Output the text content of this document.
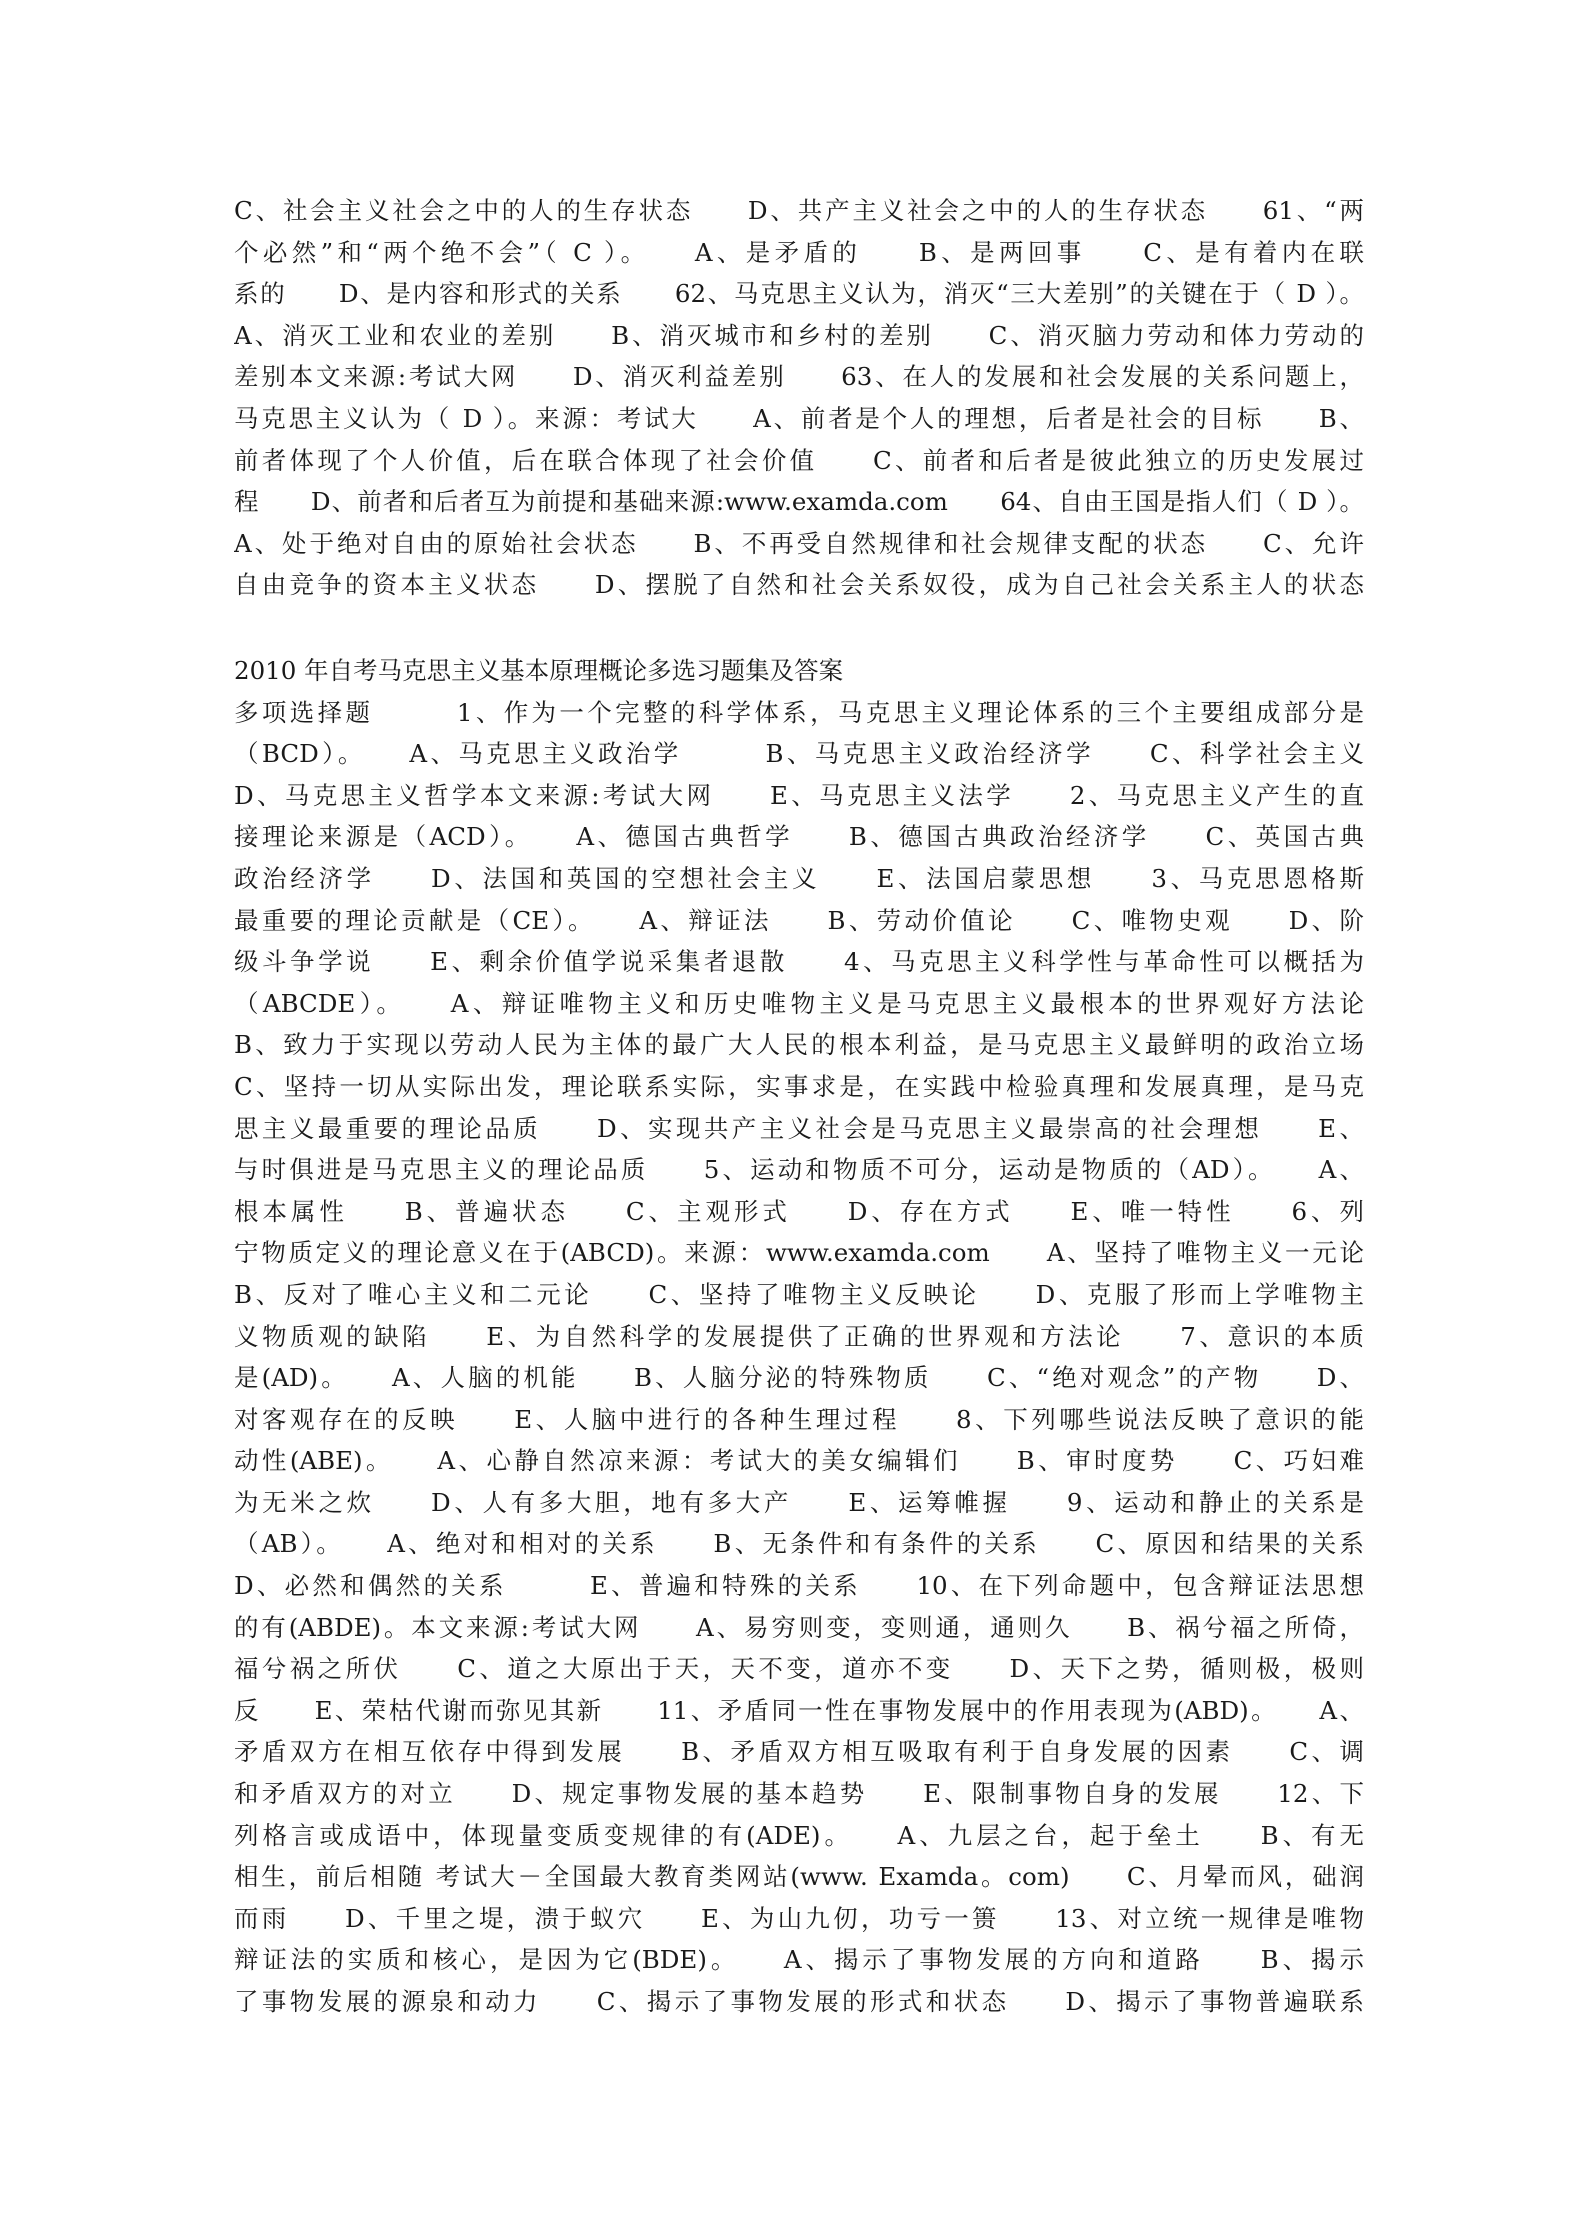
C、社会主义社会之中的人的生存状态　　D、共产主义社会之中的人的生存状态　　61、“两
个必然”和“两个绝不会”（ C ）。　　A、是矛盾的　　B、是两回事　　C、是有着内在联
系的　　D、是内容和形式的关系　　62、马克思主义认为，消灭“三大差别”的关键在于（ D ）。
A、消灭工业和农业的差别　　B、消灭城市和乡村的差别　　C、消灭脑力劳动和体力劳动的
差别本文来源:考试大网　　D、消灭利益差别　　63、在人的发展和社会发展的关系问题上，
马克思主义认为（ D ）。来源：考试大　　A、前者是个人的理想，后者是社会的目标　　B、
前者体现了个人价值，后在联合体现了社会价值　　C、前者和后者是彼此独立的历史发展过
程　　D、前者和后者互为前提和基础来源:www.examda.com　　64、自由王国是指人们（ D ）。
A、处于绝对自由的原始社会状态　　B、不再受自然规律和社会规律支配的状态　　C、允许
自由竞争的资本主义状态　　D、摆脱了自然和社会关系奴役，成为自己社会关系主人的状态
2010 年自考马克思主义基本原理概论多选习题集及答案
多项选择题　　　1、作为一个完整的科学体系，马克思主义理论体系的三个主要组成部分是
（BCD）。　　A、马克思主义政治学　　　B、马克思主义政治经济学　　C、科学社会主义
D、马克思主义哲学本文来源:考试大网　　E、马克思主义法学　　2、马克思主义产生的直
接理论来源是（ACD）。　　A、德国古典哲学　　B、德国古典政治经济学　　C、英国古典
政治经济学　　D、法国和英国的空想社会主义　　E、法国启蒙思想　　3、马克思恩格斯
最重要的理论贡献是（CE）。　　A、辩证法　　B、劳动价值论　　C、唯物史观　　D、阶
级斗争学说　　E、剩余价值学说采集者退散　　4、马克思主义科学性与革命性可以概括为
（ABCDE）。　　A、辩证唯物主义和历史唯物主义是马克思主义最根本的世界观好方法论
B、致力于实现以劳动人民为主体的最广大人民的根本利益，是马克思主义最鲜明的政治立场
C、坚持一切从实际出发，理论联系实际，实事求是，在实践中检验真理和发展真理，是马克
思主义最重要的理论品质　　D、实现共产主义社会是马克思主义最崇高的社会理想　　E、
与时俱进是马克思主义的理论品质　　5、运动和物质不可分，运动是物质的（AD）。　　A、
根本属性　　B、普遍状态　　C、主观形式　　D、存在方式　　E、唯一特性　　6、列
宁物质定义的理论意义在于(ABCD)。来源：www.examda.com　　A、坚持了唯物主义一元论
B、反对了唯心主义和二元论　　C、坚持了唯物主义反映论　　D、克服了形而上学唯物主
义物质观的缺陷　　E、为自然科学的发展提供了正确的世界观和方法论　　7、意识的本质
是(AD)。　　A、人脑的机能　　B、人脑分泌的特殊物质　　C、“绝对观念”的产物　　D、
对客观存在的反映　　E、人脑中进行的各种生理过程　　8、下列哪些说法反映了意识的能
动性(ABE)。　　A、心静自然凉来源：考试大的美女编辑们　　B、审时度势　　C、巧妇难
为无米之炊　　D、人有多大胆，地有多大产　　E、运筹帷握　　9、运动和静止的关系是
（AB）。　　A、绝对和相对的关系　　B、无条件和有条件的关系　　C、原因和结果的关系
D、必然和偶然的关系　　　E、普遍和特殊的关系　　10、在下列命题中，包含辩证法思想
的有(ABDE)。本文来源:考试大网　　A、易穷则变，变则通，通则久　　B、祸兮福之所倚，
福兮祸之所伏　　C、道之大原出于天，天不变，道亦不变　　D、天下之势，循则极，极则
反　　E、荣枯代谢而弥见其新　　11、矛盾同一性在事物发展中的作用表现为(ABD)。　　A、
矛盾双方在相互依存中得到发展　　B、矛盾双方相互吸取有利于自身发展的因素　　C、调
和矛盾双方的对立　　D、规定事物发展的基本趋势　　E、限制事物自身的发展　　12、下
列格言或成语中，体现量变质变规律的有(ADE)。　　A、九层之台，起于垒土　　B、有无
相生，前后相随 考试大－全国最大教育类网站(www. Examda。com)　　C、月晕而风，础润
而雨　　D、千里之堤，溃于蚁穴　　E、为山九仞，功亏一篑　　13、对立统一规律是唯物
辩证法的实质和核心，是因为它(BDE)。　　A、揭示了事物发展的方向和道路　　B、揭示
了事物发展的源泉和动力　　C、揭示了事物发展的形式和状态　　D、揭示了事物普遍联系
